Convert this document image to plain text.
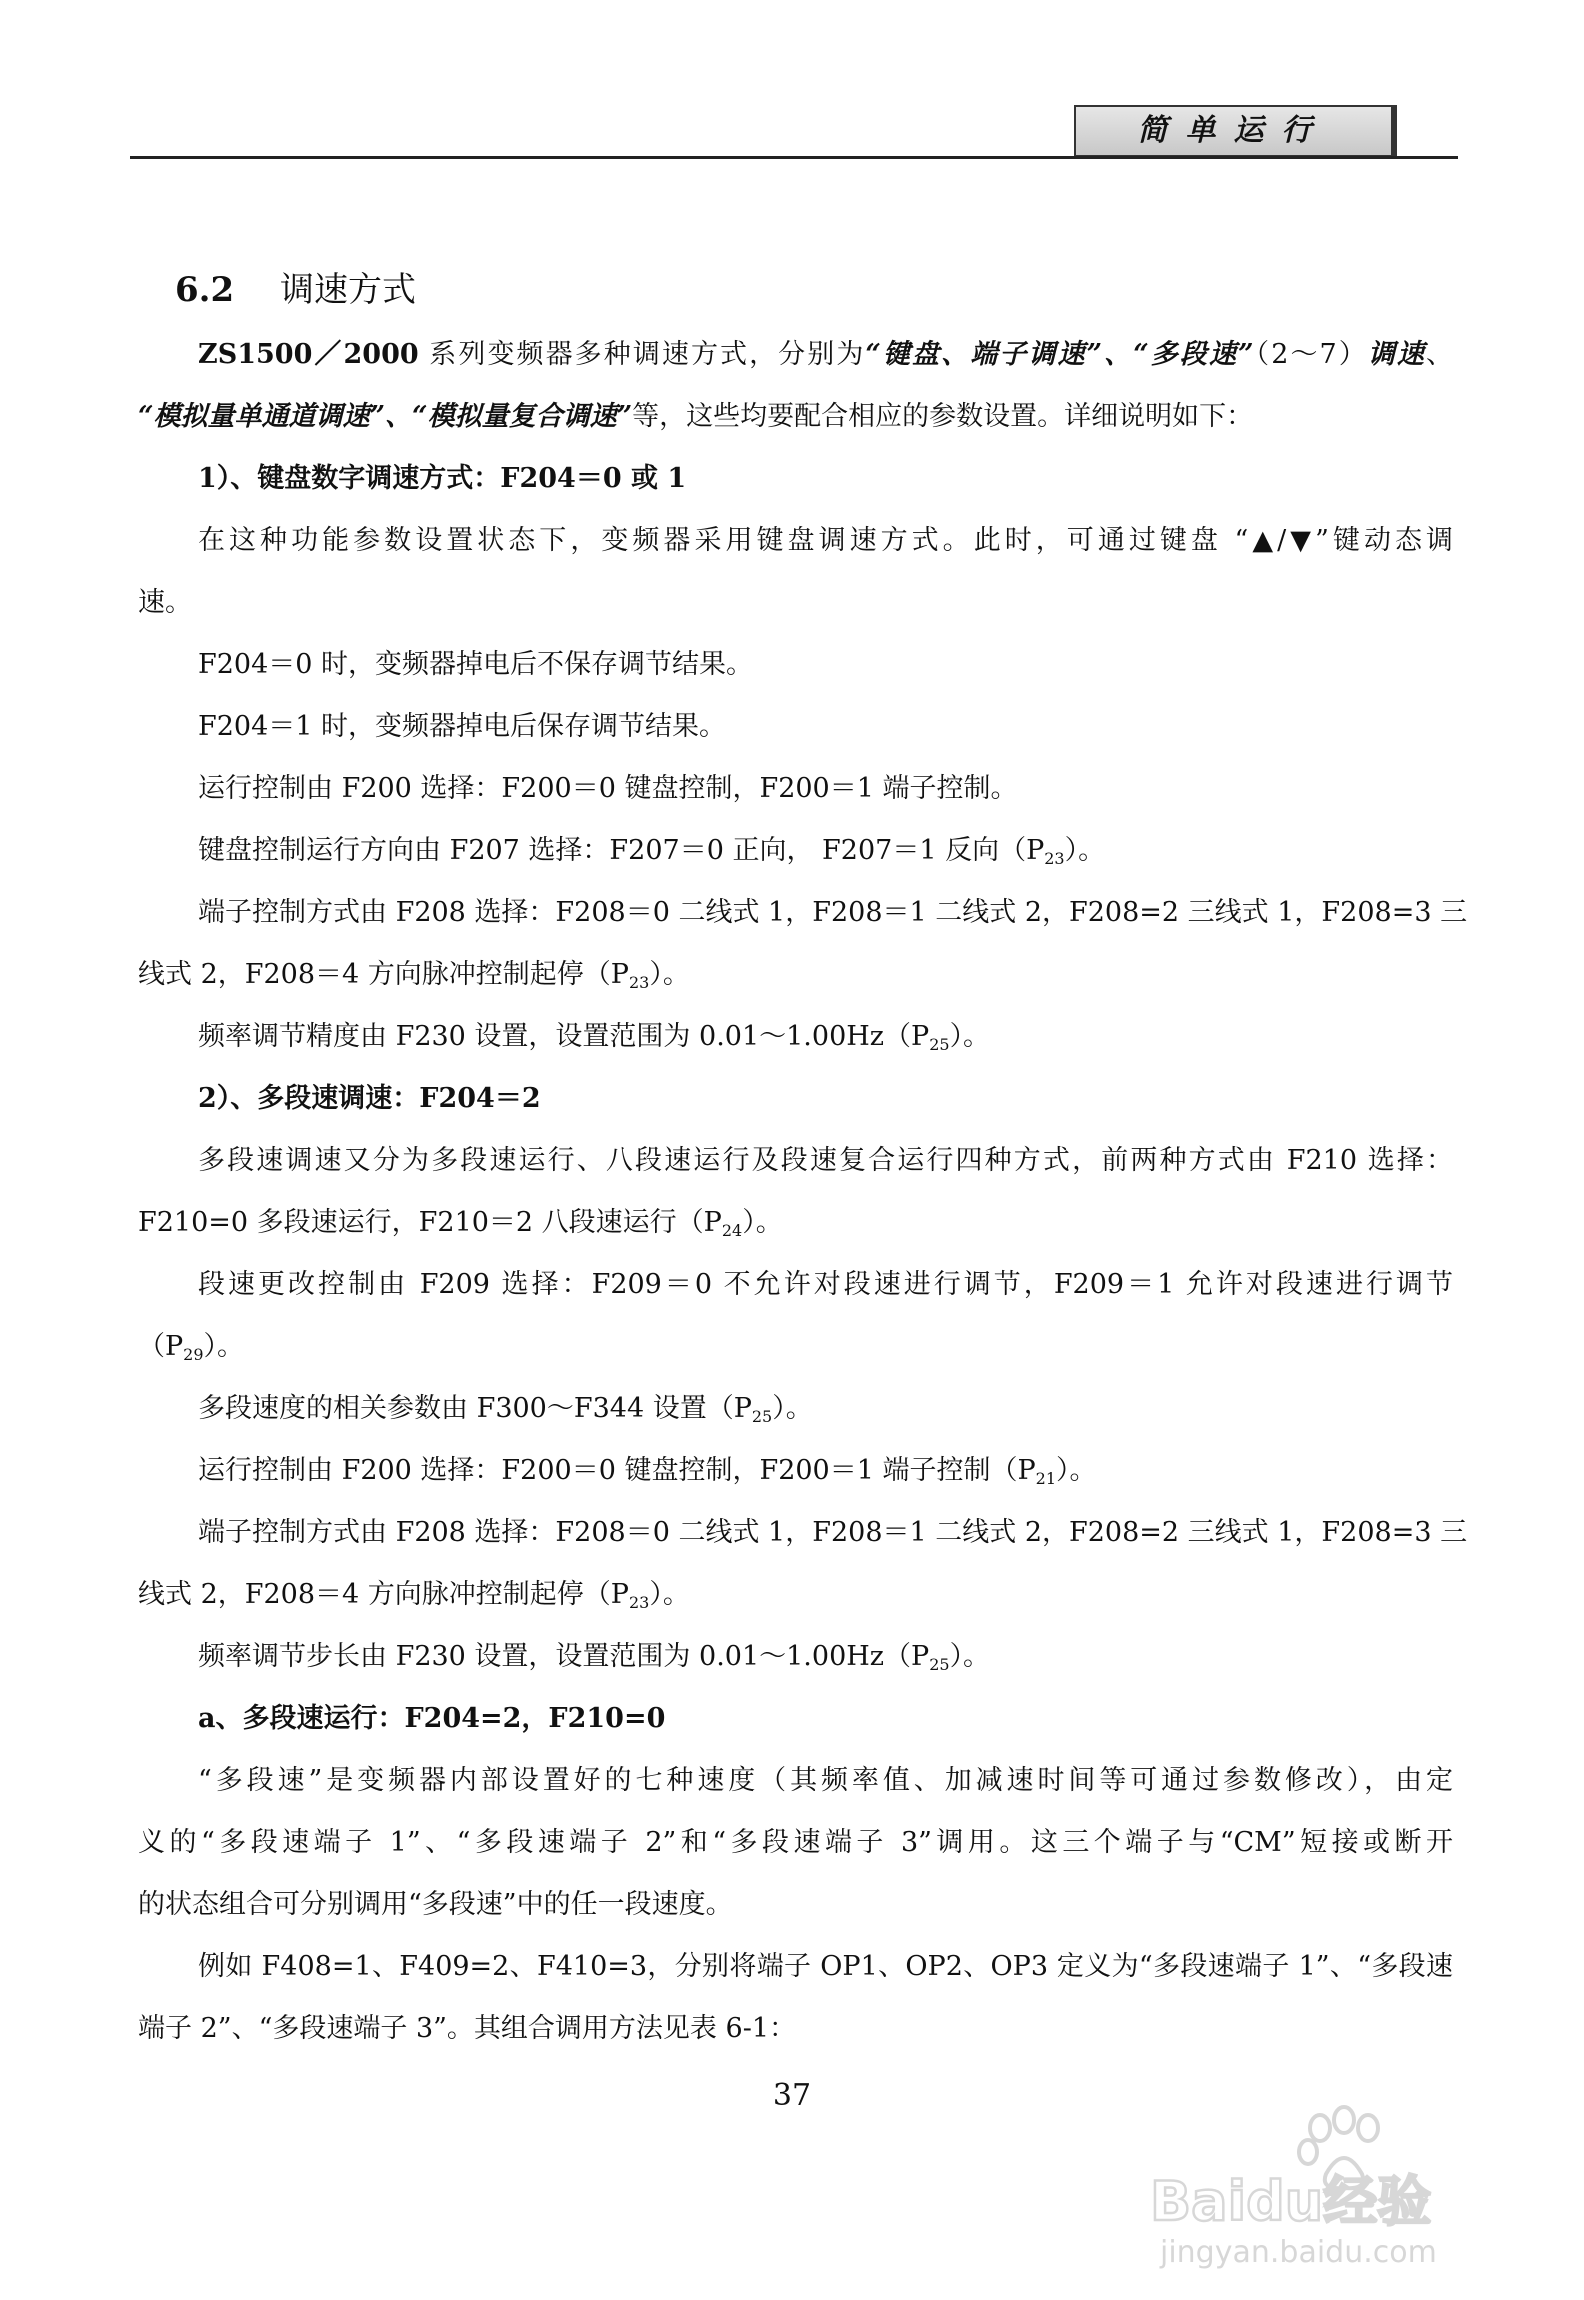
简单运行
6.2 调速方式
ZS1500／2000 系列变频器多种调速方式，分别为“键盘、端子调速”、“多段速”（2～7）调速、
“模拟量单通道调速”、“模拟量复合调速”等，这些均要配合相应的参数设置。详细说明如下：
1）、键盘数字调速方式：F204＝0 或 1
在这种功能参数设置状态下，变频器采用键盘调速方式。此时，可通过键盘 “▲/▼”键动态调
速。
F204＝0 时，变频器掉电后不保存调节结果。
F204＝1 时，变频器掉电后保存调节结果。
运行控制由 F200 选择：F200＝0 键盘控制，F200＝1 端子控制。
键盘控制运行方向由 F207 选择：F207＝0 正向， F207＝1 反向$(P_{23})$。
端子控制方式由 F208 选择：F208＝0 二线式 1，F208＝1 二线式 2，F208=2 三线式 1，F208=3 三
线式 2，F208＝4 方向脉冲控制起停$(P_{23})$。
频率调节精度由 F230 设置，设置范围为 $0.01\sim 1.00Hz(P_{25})$。
2）、多段速调速：F204＝2
多段速调速又分为多段速运行、八段速运行及段速复合运行四种方式，前两种方式由 F210 选择：
F210=0 多段速运行，F210＝2 八段速运行$(P_{24})$。
段速更改控制由 F209 选择：F209＝0 不允许对段速进行调节，F209＝1 允许对段速进行调节
$(P_{29})$。
多段速度的相关参数由 F300～F344 设置$(P_{25})$。
运行控制由 F200 选择：F200＝0 键盘控制，F200＝1 端子控制$(P_{21})$。
端子控制方式由 F208 选择：F208＝0 二线式 1，F208＝1 二线式 2，F208=2 三线式 1，F208=3 三
线式 2，F208＝4 方向脉冲控制起停$(P_{23})$。
频率调节步长由 F230 设置，设置范围为 $0.01\sim 1.00Hz(P_{25})$。
a、多段速运行：F204=2，F210=0
“多段速”是变频器内部设置好的七种速度（其频率值、加减速时间等可通过参数修改），由定
义的“多段速端子 1”、“多段速端子 2”和“多段速端子 3”调用。这三个端子与“CM”短接或断开
的状态组合可分别调用“多段速”中的任一段速度。
例如 F408=1、F409=2、F410=3，分别将端子 OP1、OP2、OP3 定义为“多段速端子 1”、“多段速
端子 2”、“多段速端子 3”。其组合调用方法见表 6-1：
37
Baidu经验
jingyan.baidu.com
